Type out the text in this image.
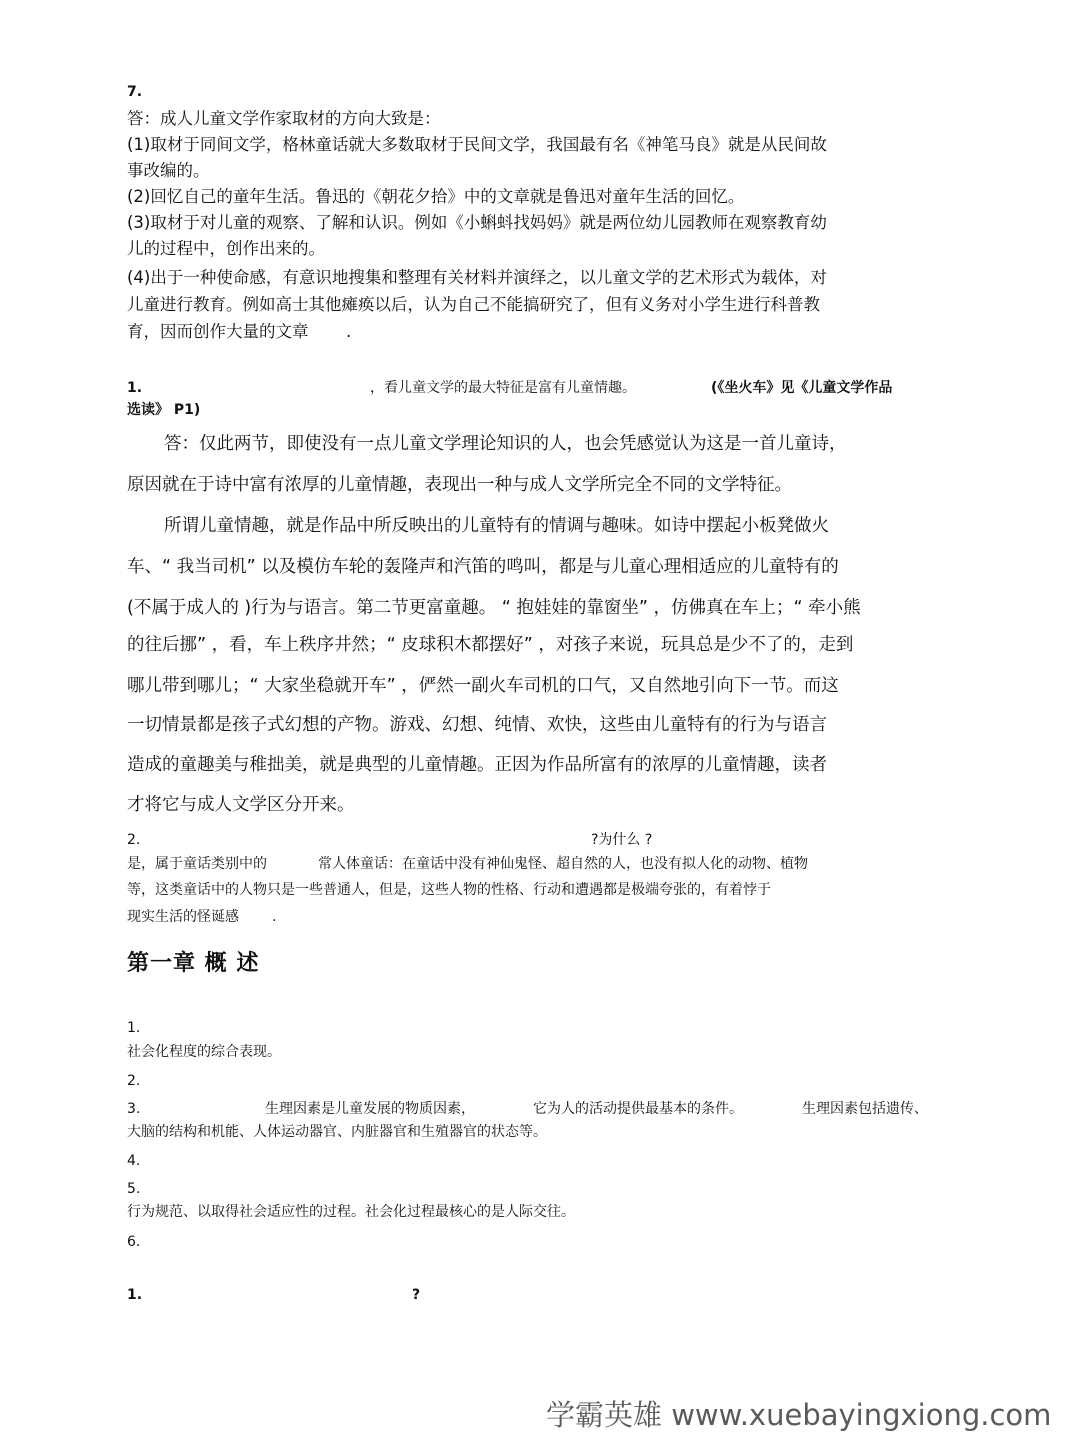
7.
答：成人儿童文学作家取材的方向大致是：
(1)取材于同间文学，格林童话就大多数取材于民间文学，我国最有名《神笔马良》就是从民间故
事改编的。
(2)回忆自己的童年生活。鲁迅的《朝花夕拾》中的文章就是鲁迅对童年生活的回忆。
(3)取材于对儿童的观察、了解和认识。例如《小蝌蚪找妈妈》就是两位幼儿园教师在观察教育幼
儿的过程中，创作出来的。
(4)出于一种使命感，有意识地搜集和整理有关材料并演绎之，以儿童文学的艺术形式为载体，对
儿童进行教育。例如高士其他瘫痪以后，认为自己不能搞研究了，但有义务对小学生进行科普教
育，因而创作大量的文章 .
1.	，看儿童文学的最大特征是富有儿童情趣。	(《坐火车》见《儿童文学作品
选读》 P1)
答：仅此两节，即使没有一点儿童文学理论知识的人，也会凭感觉认为这是一首儿童诗，
原因就在于诗中富有浓厚的儿童情趣，表现出一种与成人文学所完全不同的文学特征。
所谓儿童情趣，就是作品中所反映出的儿童特有的情调与趣味。如诗中摆起小板凳做火
车、“ 我当司机” 以及模仿车轮的轰隆声和汽笛的鸣叫，都是与儿童心理相适应的儿童特有的
(不属于成人的 )行为与语言。第二节更富童趣。 “ 抱娃娃的靠窗坐” ，仿佛真在车上；“ 牵小熊
的往后挪” ，看，车上秩序井然；“ 皮球积木都摆好” ，对孩子来说，玩具总是少不了的，走到
哪儿带到哪儿；“ 大家坐稳就开车” ，俨然一副火车司机的口气，又自然地引向下一节。而这
一切情景都是孩子式幻想的产物。游戏、幻想、纯情、欢快，这些由儿童特有的行为与语言
造成的童趣美与稚拙美，就是典型的儿童情趣。正因为作品所富有的浓厚的儿童情趣，读者
才将它与成人文学区分开来。
2.	?为什么 ?
是，属于童话类别中的	常人体童话：在童话中没有神仙鬼怪、超自然的人，也没有拟人化的动物、植物
等，这类童话中的人物只是一些普通人，但是，这些人物的性格、行动和遭遇都是极端夸张的，有着悖于
现实生活的怪诞感 .
第一章 概 述
1.
社会化程度的综合表现。
2.
3.	生理因素是儿童发展的物质因素，	它为人的活动提供最基本的条件。	生理因素包括遗传、
大脑的结构和机能、人体运动器官、内脏器官和生殖器官的状态等。
4.
5.
行为规范、以取得社会适应性的过程。社会化过程最核心的是人际交往。
6.
1.	?
学霸英雄 www.xuebayingxiong.com
